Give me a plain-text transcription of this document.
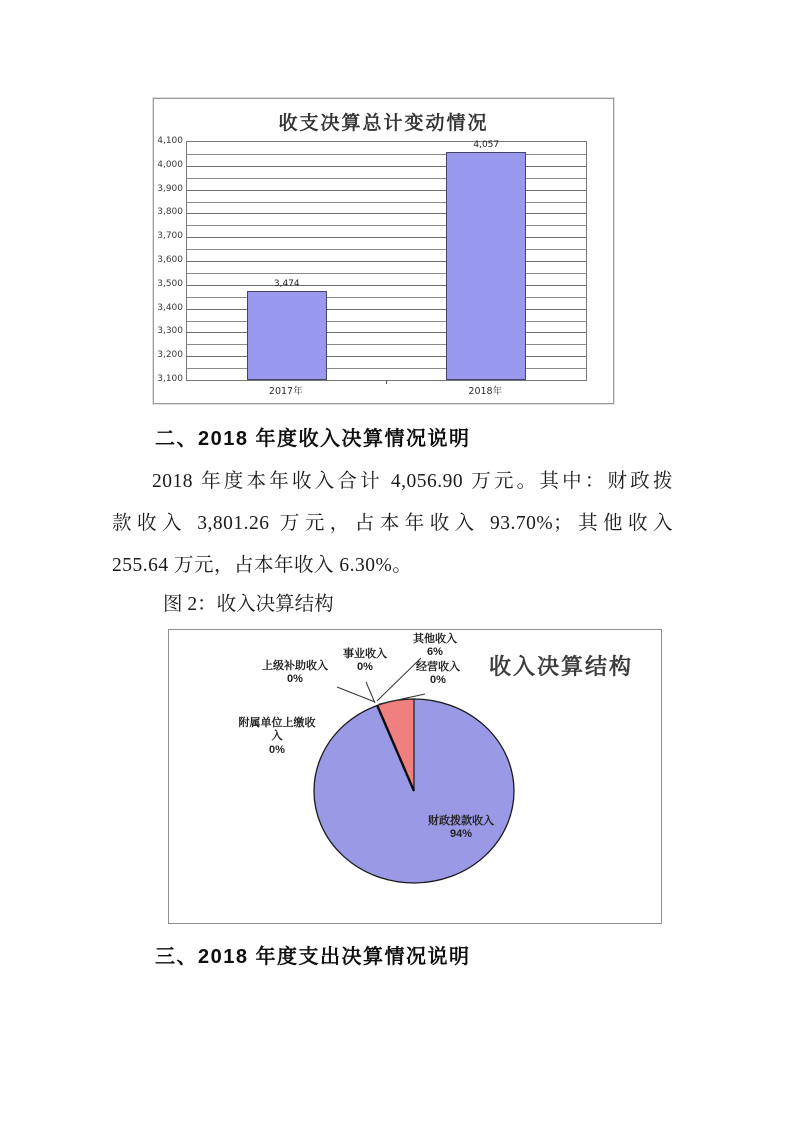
收支决算总计变动情况
3,100
3,200
3,300
3,400
3,500
3,600
3,700
3,800
3,900
4,000
4,100
3,474
4,057
2017年	2018年
二、2018 年度收入决算情况说明
2018 年度本年收入合计 4,056.90 万元。其中：财政拨
款收入 3,801.26 万元，占本年收入 93.70%；其他收入
255.64 万元，占本年收入 6.30%。
图 2：收入决算结构
收入决算结构
上级补助收入
0%
事业收入
0%
其他收入
6%
经营收入
0%
附属单位上缴收入
0%
财政拨款收入
94%
三、2018 年度支出决算情况说明
